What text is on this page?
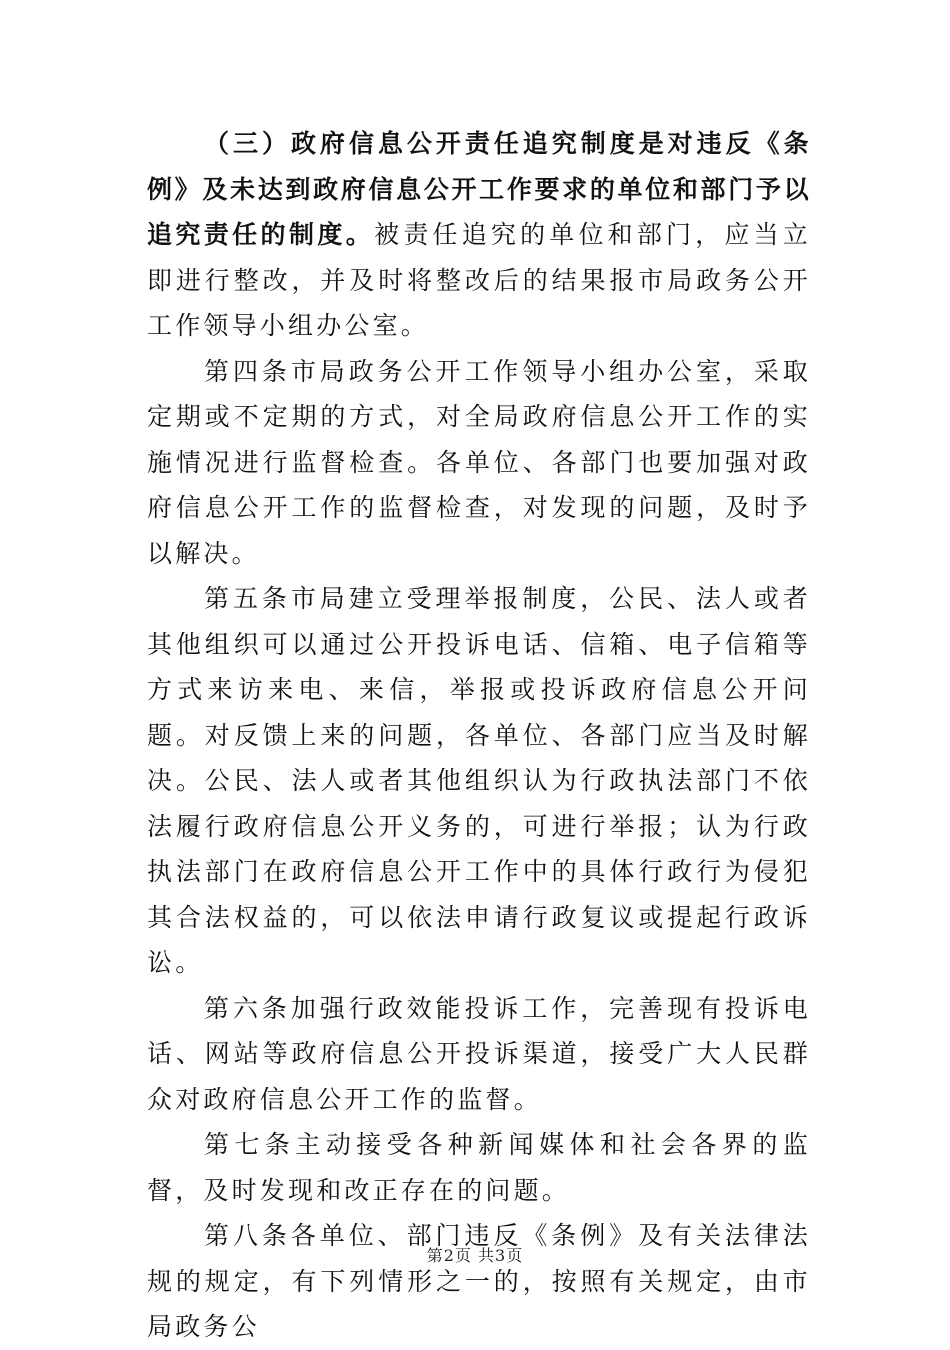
（三）政府信息公开责任追究制度是对违反《条例》及未达到政府信息公开工作要求的单位和部门予以追究责任的制度。被责任追究的单位和部门，应当立即进行整改，并及时将整改后的结果报市局政务公开工作领导小组办公室。

第四条市局政务公开工作领导小组办公室，采取定期或不定期的方式，对全局政府信息公开工作的实施情况进行监督检查。各单位、各部门也要加强对政府信息公开工作的监督检查，对发现的问题，及时予以解决。

第五条市局建立受理举报制度，公民、法人或者其他组织可以通过公开投诉电话、信箱、电子信箱等方式来访来电、来信，举报或投诉政府信息公开问题。对反馈上来的问题，各单位、各部门应当及时解决。公民、法人或者其他组织认为行政执法部门不依法履行政府信息公开义务的，可进行举报；认为行政执法部门在政府信息公开工作中的具体行政行为侵犯其合法权益的，可以依法申请行政复议或提起行政诉讼。

第六条加强行政效能投诉工作，完善现有投诉电话、网站等政府信息公开投诉渠道，接受广大人民群众对政府信息公开工作的监督。

第七条主动接受各种新闻媒体和社会各界的监督，及时发现和改正存在的问题。

第八条各单位、部门违反《条例》及有关法律法规的规定，有下列情形之一的，按照有关规定，由市局政务公

第2页 共3页
